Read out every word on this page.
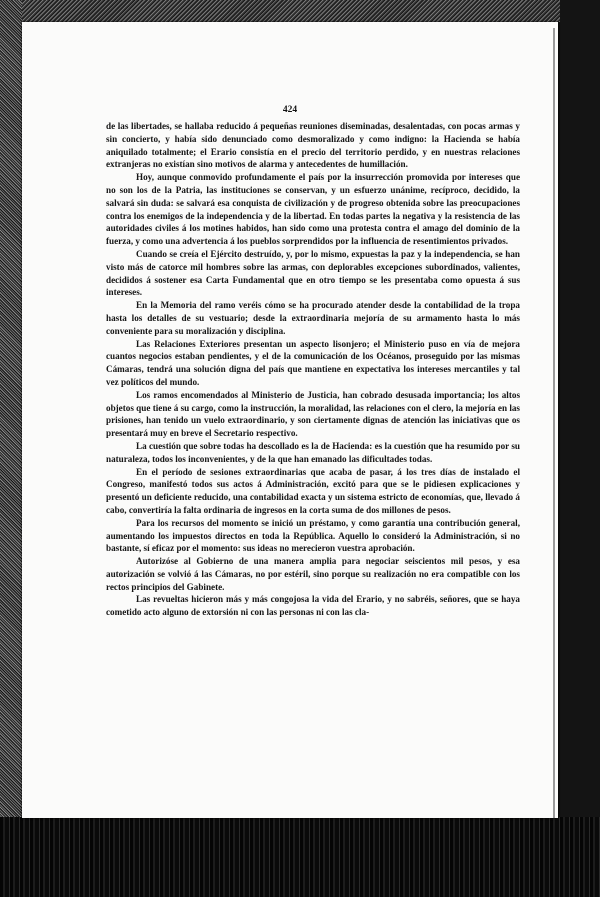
424

de las libertades, se hallaba reducido á pequeñas reuniones diseminadas, desalentadas, con pocas armas y sin concierto, y había sido denunciado como desmoralizado y como indigno: la Hacienda se había aniquilado totalmente; el Erario consistía en el precio del territorio perdido, y en nuestras relaciones extranjeras no existían sino motivos de alarma y antecedentes de humillación.

Hoy, aunque conmovido profundamente el país por la insurrección promovida por intereses que no son los de la Patria, las instituciones se conservan, y un esfuerzo unánime, recíproco, decidido, la salvará sin duda: se salvará esa conquista de civilización y de progreso obtenida sobre las preocupaciones contra los enemigos de la independencia y de la libertad. En todas partes la negativa y la resistencia de las autoridades civiles á los motines habidos, han sido como una protesta contra el amago del dominio de la fuerza, y como una advertencia á los pueblos sorprendidos por la influencia de resentimientos privados.

Cuando se creía el Ejército destruído, y, por lo mismo, expuestas la paz y la independencia, se han visto más de catorce mil hombres sobre las armas, con deplorables excepciones subordinados, valientes, decididos á sostener esa Carta Fundamental que en otro tiempo se les presentaba como opuesta á sus intereses.

En la Memoria del ramo veréis cómo se ha procurado atender desde la contabilidad de la tropa hasta los detalles de su vestuario; desde la extraordinaria mejoría de su armamento hasta lo más conveniente para su moralización y disciplina.

Las Relaciones Exteriores presentan un aspecto lisonjero; el Ministerio puso en vía de mejora cuantos negocios estaban pendientes, y el de la comunicación de los Océanos, proseguido por las mismas Cámaras, tendrá una solución digna del país que mantiene en expectativa los intereses mercantiles y tal vez políticos del mundo.

Los ramos encomendados al Ministerio de Justicia, han cobrado desusada importancia; los altos objetos que tiene á su cargo, como la instrucción, la moralidad, las relaciones con el clero, la mejoría en las prisiones, han tenido un vuelo extraordinario, y son ciertamente dignas de atención las iniciativas que os presentará muy en breve el Secretario respectivo.

La cuestión que sobre todas ha descollado es la de Hacienda: es la cuestión que ha resumido por su naturaleza, todos los inconvenientes, y de la que han emanado las dificultades todas.

En el período de sesiones extraordinarias que acaba de pasar, á los tres días de instalado el Congreso, manifestó todos sus actos á Administración, excitó para que se le pidiesen explicaciones y presentó un deficiente reducido, una contabilidad exacta y un sistema estricto de economías, que, llevado á cabo, convertiría la falta ordinaria de ingresos en la corta suma de dos millones de pesos.

Para los recursos del momento se inició un préstamo, y como garantía una contribución general, aumentando los impuestos directos en toda la República. Aquello lo consideró la Administración, si no bastante, sí eficaz por el momento: sus ideas no merecieron vuestra aprobación.

Autorizóse al Gobierno de una manera amplia para negociar seiscientos mil pesos, y esa autorización se volvió á las Cámaras, no por estéril, sino porque su realización no era compatible con los rectos principios del Gabinete.

Las revueltas hicieron más y más congojosa la vida del Erario, y no sabréis, señores, que se haya cometido acto alguno de extorsión ni con las personas ni con las cla-
